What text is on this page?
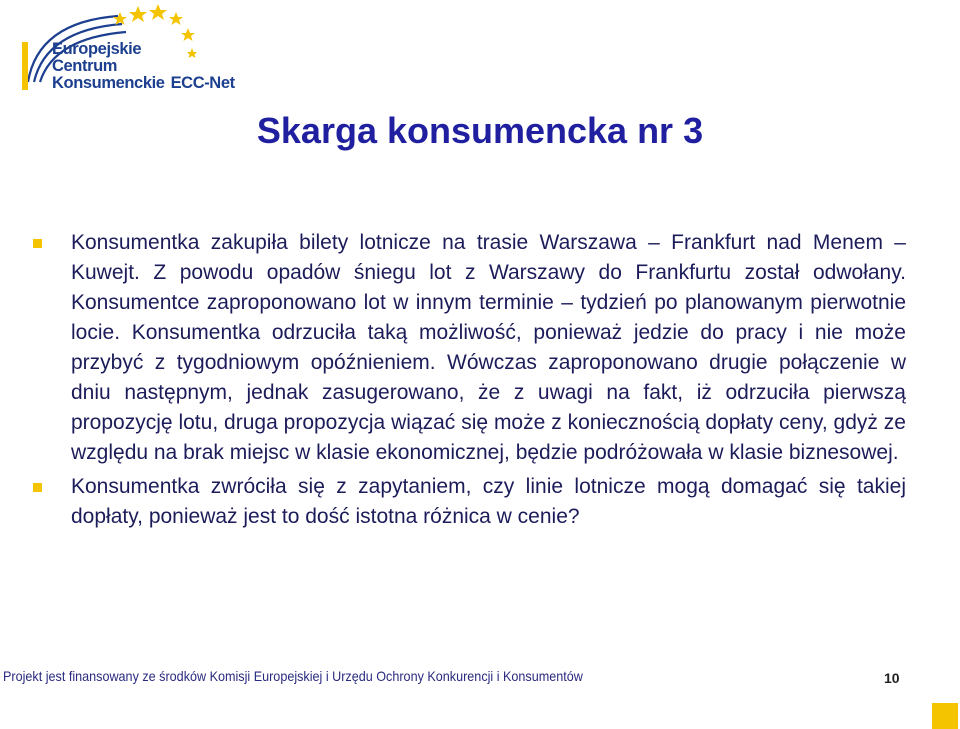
Europejskie
Centrum
Konsumenckie ECC-Net
Skarga konsumencka nr 3
Konsumentka zakupiła bilety lotnicze na trasie Warszawa – Frankfurt nad Menem – Kuwejt. Z powodu opadów śniegu lot z Warszawy do Frankfurtu został odwołany. Konsumentce zaproponowano lot w innym terminie – tydzień po planowanym pierwotnie locie. Konsumentka odrzuciła taką możliwość, ponieważ jedzie do pracy i nie może przybyć z tygodniowym opóźnieniem. Wówczas zaproponowano drugie połączenie w dniu następnym, jednak zasugerowano, że z uwagi na fakt, iż odrzuciła pierwszą propozycję lotu, druga propozycja wiązać się może z koniecznością dopłaty ceny, gdyż ze względu na brak miejsc w klasie ekonomicznej, będzie podróżowała w klasie biznesowej.
Konsumentka zwróciła się z zapytaniem, czy linie lotnicze mogą domagać się takiej dopłaty, ponieważ jest to dość istotna różnica w cenie?
Projekt jest finansowany ze środków Komisji Europejskiej i Urzędu Ochrony Konkurencji i Konsumentów	10
